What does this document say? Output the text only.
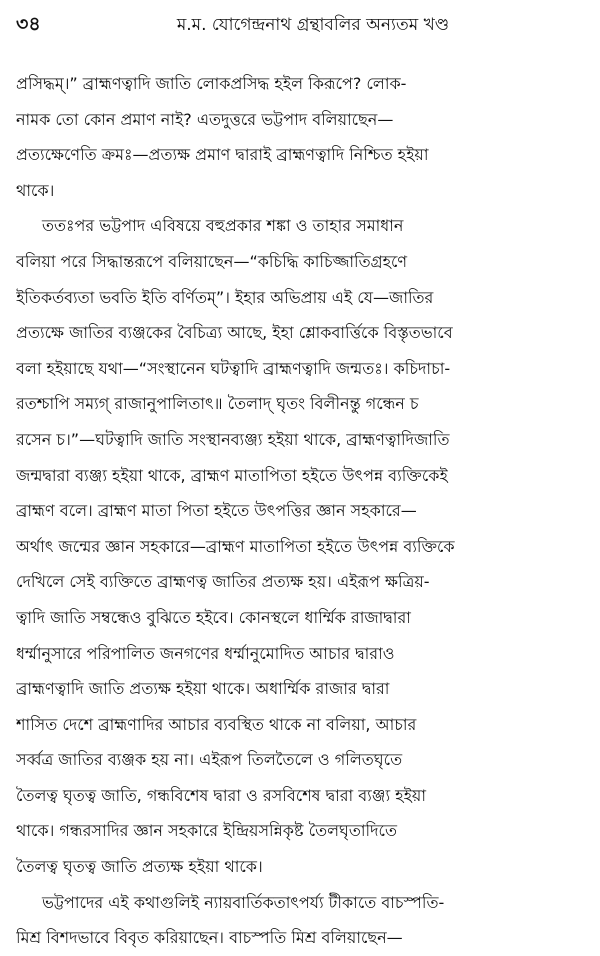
৩৪	ম.ম. যোগেন্দ্রনাথ গ্রন্থাবলির অন্যতম খণ্ড
প্রসিদ্ধম্।” ব্রাহ্মণত্বাদি জাতি লোকপ্রসিদ্ধ হইল কিরূপে? লোক-
নামক তো কোন প্রমাণ নাই? এতদুত্তরে ভট্টপাদ বলিয়াছেন—
প্রত্যক্ষেণেতি ক্রমঃ—প্রত্যক্ষ প্রমাণ দ্বারাই ব্রাহ্মণত্বাদি নিশ্চিত হইয়া
থাকে।
ততঃপর ভট্টপাদ এবিষয়ে বহুপ্রকার শঙ্কা ও তাহার সমাধান
বলিয়া পরে সিদ্ধান্তরূপে বলিয়াছেন—“কচিদ্ধি কাচিজ্জাতিগ্রহণে
ইতিকর্তব্যতা ভবতি ইতি বর্ণিতম্”। ইহার অভিপ্রায় এই যে—জাতির
প্রত্যক্ষে জাতির ব্যঞ্জকের বৈচিত্র্য আছে, ইহা শ্লোকবার্ত্তিকে বিস্তৃতভাবে
বলা হইয়াছে যথা—“সংস্থানেন ঘটত্বাদি ব্রাহ্মণত্বাদি জন্মতঃ। কচিদাচা-
রতশ্চাপি সম্যগ্ রাজানুপালিতাৎ॥ তৈলাদ্ ঘৃতং বিলীনন্তু গন্ধেন চ
রসেন চ।”—ঘটত্বাদি জাতি সংস্থানব্যঞ্জ্য হইয়া থাকে, ব্রাহ্মণত্বাদিজাতি
জন্মদ্বারা ব্যঞ্জ্য হইয়া থাকে, ব্রাহ্মণ মাতাপিতা হইতে উৎপন্ন ব্যক্তিকেই
ব্রাহ্মণ বলে। ব্রাহ্মণ মাতা পিতা হইতে উৎপত্তির জ্ঞান সহকারে—
অর্থাৎ জন্মের জ্ঞান সহকারে—ব্রাহ্মণ মাতাপিতা হইতে উৎপন্ন ব্যক্তিকে
দেখিলে সেই ব্যক্তিতে ব্রাহ্মণত্ব জাতির প্রত্যক্ষ হয়। এইরূপ ক্ষত্রিয়-
ত্বাদি জাতি সম্বন্ধেও বুঝিতে হইবে। কোনস্থলে ধার্ম্মিক রাজাদ্বারা
ধর্ম্মানুসারে পরিপালিত জনগণের ধর্ম্মানুমোদিত আচার দ্বারাও
ব্রাহ্মণত্বাদি জাতি প্রত্যক্ষ হইয়া থাকে। অধার্ম্মিক রাজার দ্বারা
শাসিত দেশে ব্রাহ্মণাদির আচার ব্যবস্থিত থাকে না বলিয়া, আচার
সর্ব্বত্র জাতির ব্যঞ্জক হয় না। এইরূপ তিলতৈলে ও গলিতঘৃতে
তৈলত্ব ঘৃতত্ব জাতি, গন্ধবিশেষ দ্বারা ও রসবিশেষ দ্বারা ব্যঞ্জ্য হইয়া
থাকে। গন্ধরসাদির জ্ঞান সহকারে ইন্দ্রিয়সন্নিকৃষ্ট তৈলঘৃতাদিতে
তৈলত্ব ঘৃতত্ব জাতি প্রত্যক্ষ হইয়া থাকে।
ভট্টপাদের এই কথাগুলিই ন্যায়বার্তিকতাৎপর্য্য টীকাতে বাচস্পতি-
মিশ্র বিশদভাবে বিবৃত করিয়াছেন। বাচস্পতি মিশ্র বলিয়াছেন—
